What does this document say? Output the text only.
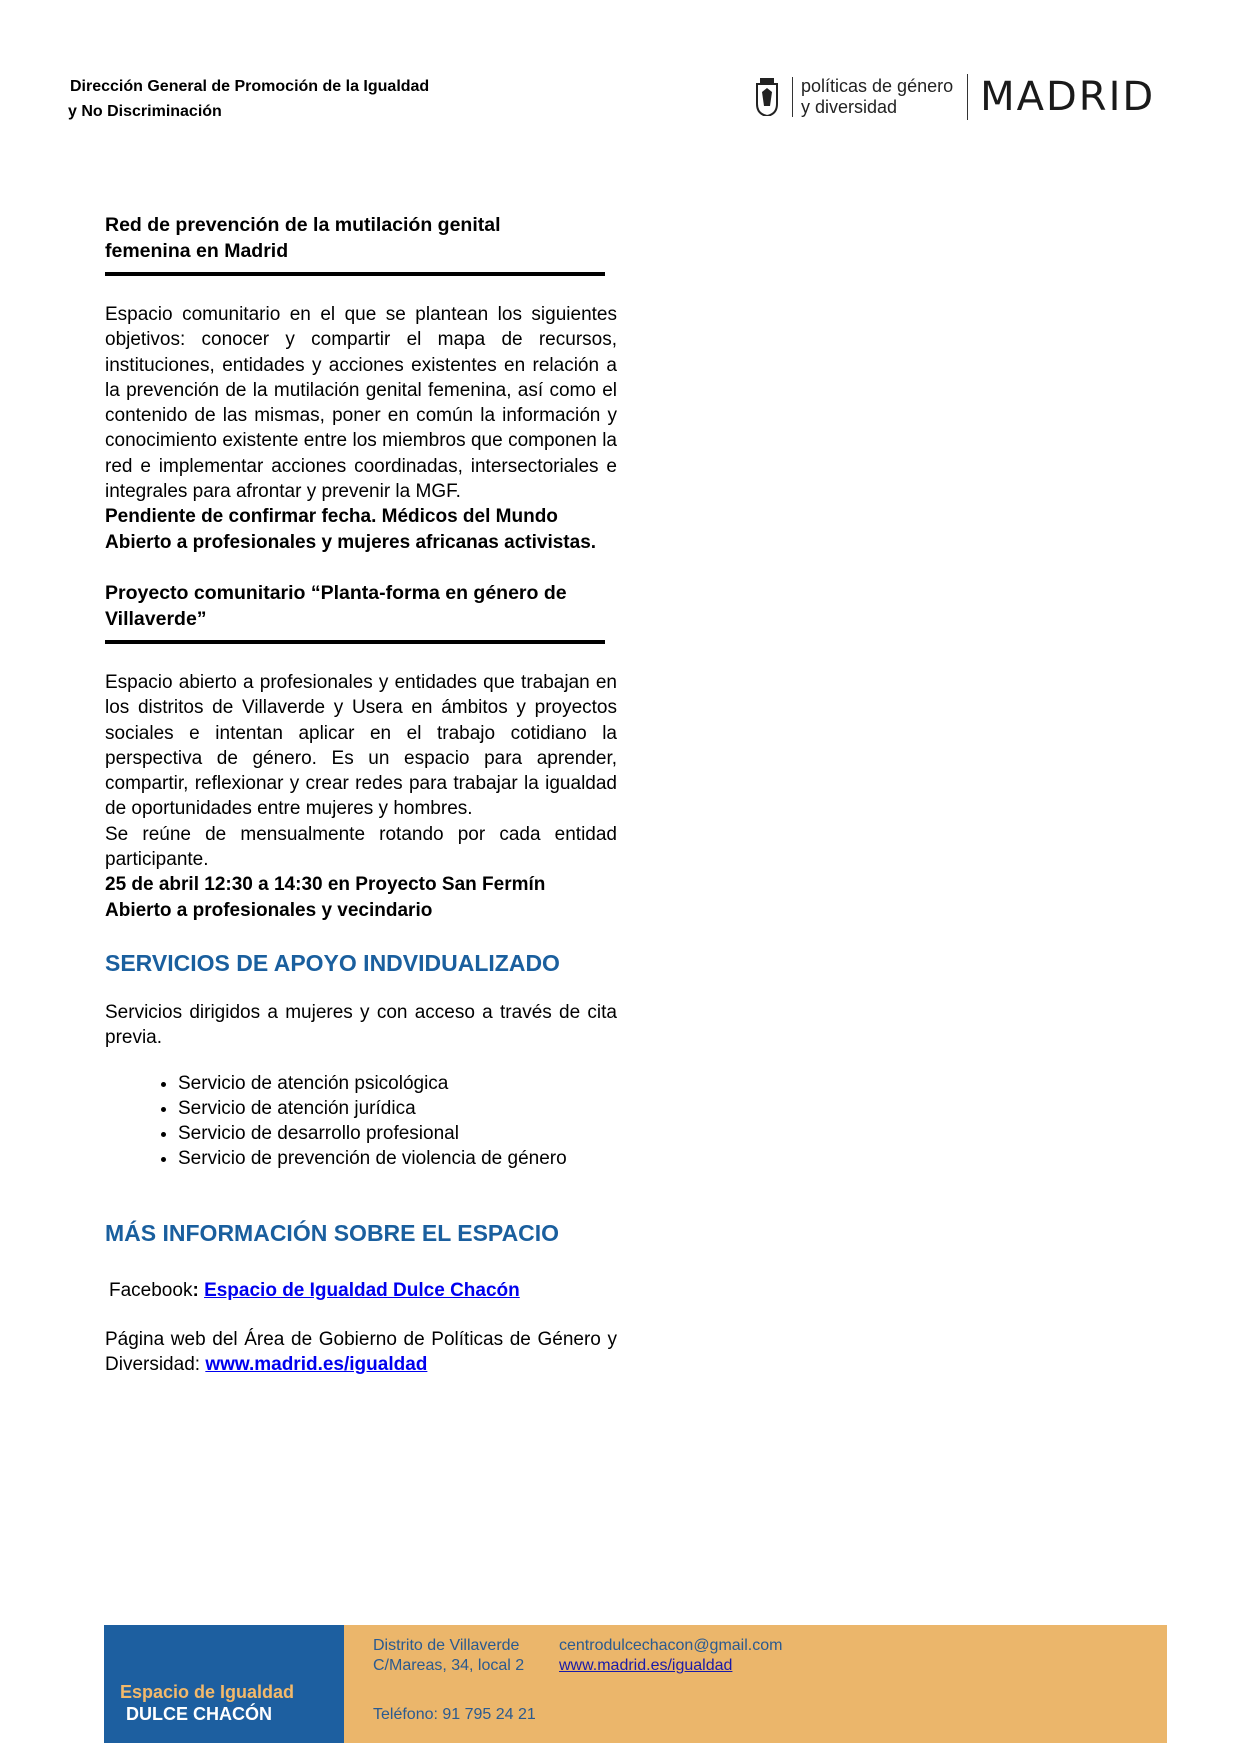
Dirección General de Promoción de la Igualdad
y No Discriminación
políticas de género
y diversidad	MADRID
Red de prevención de la mutilación genital
femenina en Madrid
Espacio comunitario en el que se plantean los siguientes objetivos: conocer y compartir el mapa de recursos, instituciones, entidades y acciones existentes en relación a la prevención de la mutilación genital femenina, así como el contenido de las mismas, poner en común la información y conocimiento existente entre los miembros que componen la red e implementar acciones coordinadas, intersectoriales e integrales para afrontar y prevenir la MGF.
Pendiente de confirmar fecha. Médicos del Mundo
Abierto a profesionales y mujeres africanas activistas.
Proyecto comunitario “Planta-forma en género de
Villaverde”
Espacio abierto a profesionales y entidades que trabajan en los distritos de Villaverde y Usera en ámbitos y proyectos sociales e intentan aplicar en el trabajo cotidiano la perspectiva de género. Es un espacio para aprender, compartir, reflexionar y crear redes para trabajar la igualdad de oportunidades entre mujeres y hombres.
Se reúne de mensualmente rotando por cada entidad participante.
25 de abril 12:30 a 14:30 en Proyecto San Fermín
Abierto a profesionales y vecindario
SERVICIOS DE APOYO INDVIDUALIZADO
Servicios dirigidos a mujeres y con acceso a través de cita previa.
• Servicio de atención psicológica
• Servicio de atención jurídica
• Servicio de desarrollo profesional
• Servicio de prevención de violencia de género
MÁS INFORMACIÓN SOBRE EL ESPACIO
Facebook: Espacio de Igualdad Dulce Chacón
Página web del Área de Gobierno de Políticas de Género y Diversidad: www.madrid.es/igualdad
Espacio de Igualdad
DULCE CHACÓN
Distrito de Villaverde
C/Mareas, 34, local 2
centrodulcechacon@gmail.com
www.madrid.es/igualdad
Teléfono: 91 795 24 21
